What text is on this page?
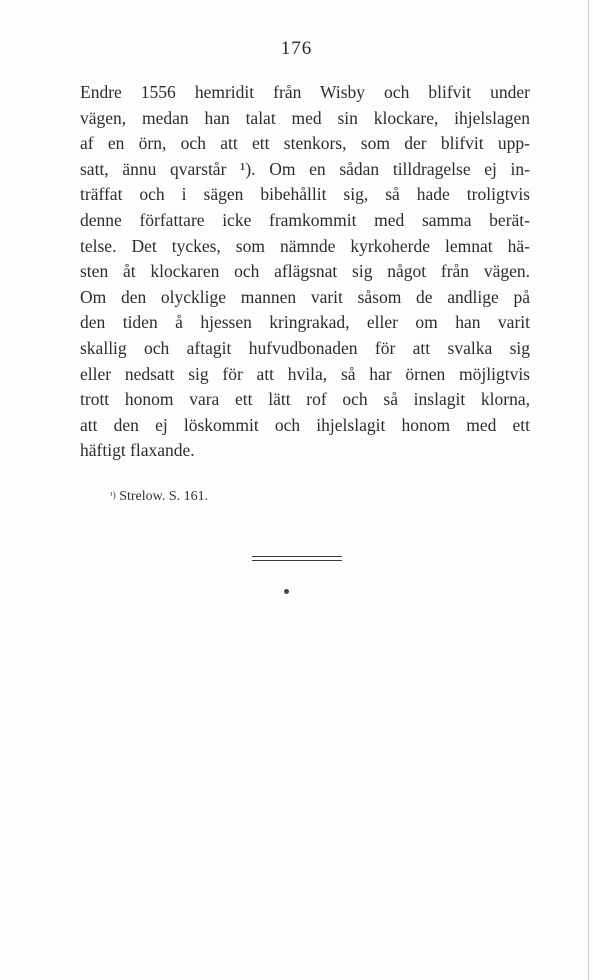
176
Endre 1556 hemridit från Wisby och blifvit under
vägen, medan han talat med sin klockare, ihjelslagen
af en örn, och att ett stenkors, som der blifvit upp-
satt, ännu qvarstår ¹). Om en sådan tilldragelse ej in-
träffat och i sägen bibehållit sig, så hade troligtvis
denne författare icke framkommit med samma berät-
telse. Det tyckes, som nämnde kyrkoherde lemnat hä-
sten åt klockaren och aflägsnat sig något från vägen.
Om den olycklige mannen varit såsom de andlige på
den tiden å hjessen kringrakad, eller om han varit
skallig och aftagit hufvudbonaden för att svalka sig
eller nedsatt sig för att hvila, så har örnen möjligtvis
trott honom vara ett lätt rof och så inslagit klorna,
att den ej löskommit och ihjelslagit honom med ett
häftigt flaxande.
$^{^1)}$ Strelow. S. 161.
